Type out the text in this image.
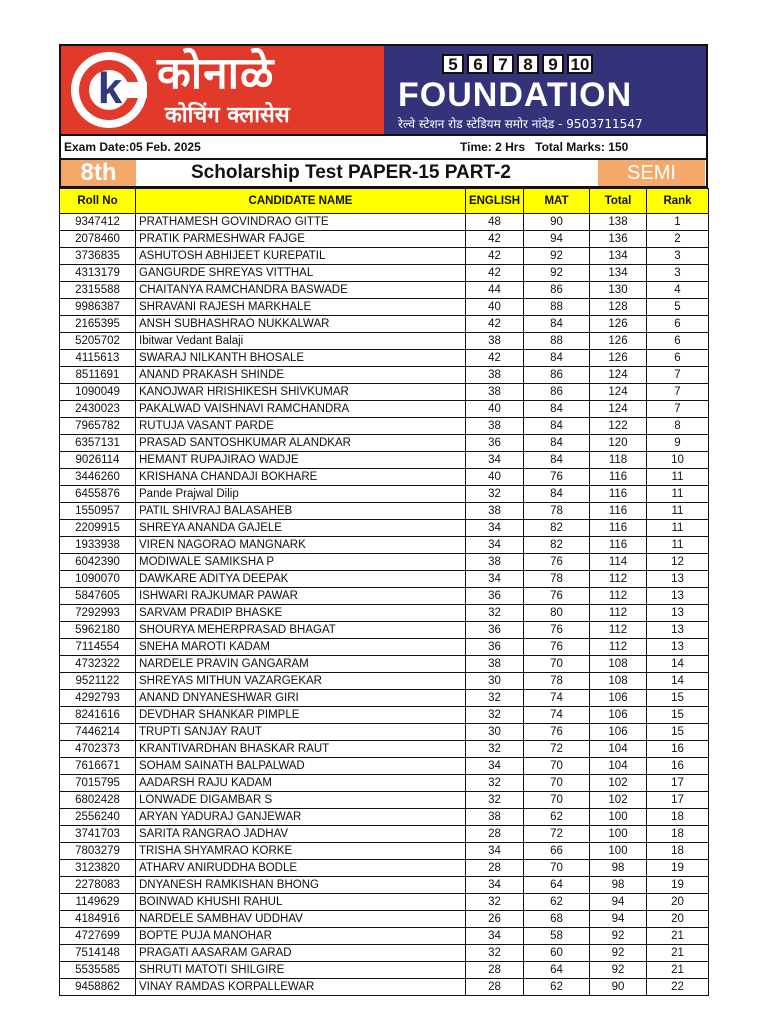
k कोनाळे
कोचिंग क्लासेस
5 6 7 8 9 10
FOUNDATION
रेल्वे स्टेशन रोड स्टेडियम समोर नांदेड - 9503711547
Exam Date:05 Feb. 2025	Time: 2 Hrs   Total Marks: 150
8th	Scholarship Test PAPER-15 PART-2	SEMI
Roll No	CANDIDATE NAME	ENGLISH	MAT	Total	Rank
9347412	PRATHAMESH GOVINDRAO GITTE	48	90	138	1
2078460	PRATIK PARMESHWAR FAJGE	42	94	136	2
3736835	ASHUTOSH ABHIJEET KUREPATIL	42	92	134	3
4313179	GANGURDE SHREYAS VITTHAL	42	92	134	3
2315588	CHAITANYA RAMCHANDRA BASWADE	44	86	130	4
9986387	SHRAVANI RAJESH MARKHALE	40	88	128	5
2165395	ANSH SUBHASHRAO NUKKALWAR	42	84	126	6
5205702	Ibitwar Vedant Balaji	38	88	126	6
4115613	SWARAJ NILKANTH BHOSALE	42	84	126	6
8511691	ANAND PRAKASH SHINDE	38	86	124	7
1090049	KANOJWAR HRISHIKESH SHIVKUMAR	38	86	124	7
2430023	PAKALWAD VAISHNAVI RAMCHANDRA	40	84	124	7
7965782	RUTUJA VASANT PARDE	38	84	122	8
6357131	PRASAD SANTOSHKUMAR ALANDKAR	36	84	120	9
9026114	HEMANT RUPAJIRAO WADJE	34	84	118	10
3446260	KRISHANA CHANDAJI BOKHARE	40	76	116	11
6455876	Pande Prajwal Dilip	32	84	116	11
1550957	PATIL SHIVRAJ BALASAHEB	38	78	116	11
2209915	SHREYA ANANDA GAJELE	34	82	116	11
1933938	VIREN NAGORAO MANGNARK	34	82	116	11
6042390	MODIWALE SAMIKSHA P	38	76	114	12
1090070	DAWKARE ADITYA DEEPAK	34	78	112	13
5847605	ISHWARI RAJKUMAR PAWAR	36	76	112	13
7292993	SARVAM PRADIP BHASKE	32	80	112	13
5962180	SHOURYA MEHERPRASAD BHAGAT	36	76	112	13
7114554	SNEHA MAROTI KADAM	36	76	112	13
4732322	NARDELE PRAVIN GANGARAM	38	70	108	14
9521122	SHREYAS MITHUN VAZARGEKAR	30	78	108	14
4292793	ANAND DNYANESHWAR GIRI	32	74	106	15
8241616	DEVDHAR SHANKAR PIMPLE	32	74	106	15
7446214	TRUPTI SANJAY RAUT	30	76	106	15
4702373	KRANTIVARDHAN BHASKAR RAUT	32	72	104	16
7616671	SOHAM SAINATH BALPALWAD	34	70	104	16
7015795	AADARSH RAJU KADAM	32	70	102	17
6802428	LONWADE DIGAMBAR S	32	70	102	17
2556240	ARYAN YADURAJ GANJEWAR	38	62	100	18
3741703	SARITA RANGRAO JADHAV	28	72	100	18
7803279	TRISHA SHYAMRAO KORKE	34	66	100	18
3123820	ATHARV ANIRUDDHA BODLE	28	70	98	19
2278083	DNYANESH RAMKISHAN BHONG	34	64	98	19
1149629	BOINWAD KHUSHI RAHUL	32	62	94	20
4184916	NARDELE SAMBHAV UDDHAV	26	68	94	20
4727699	BOPTE PUJA MANOHAR	34	58	92	21
7514148	PRAGATI AASARAM GARAD	32	60	92	21
5535585	SHRUTI MATOTI SHILGIRE	28	64	92	21
9458862	VINAY RAMDAS KORPALLEWAR	28	62	90	22
